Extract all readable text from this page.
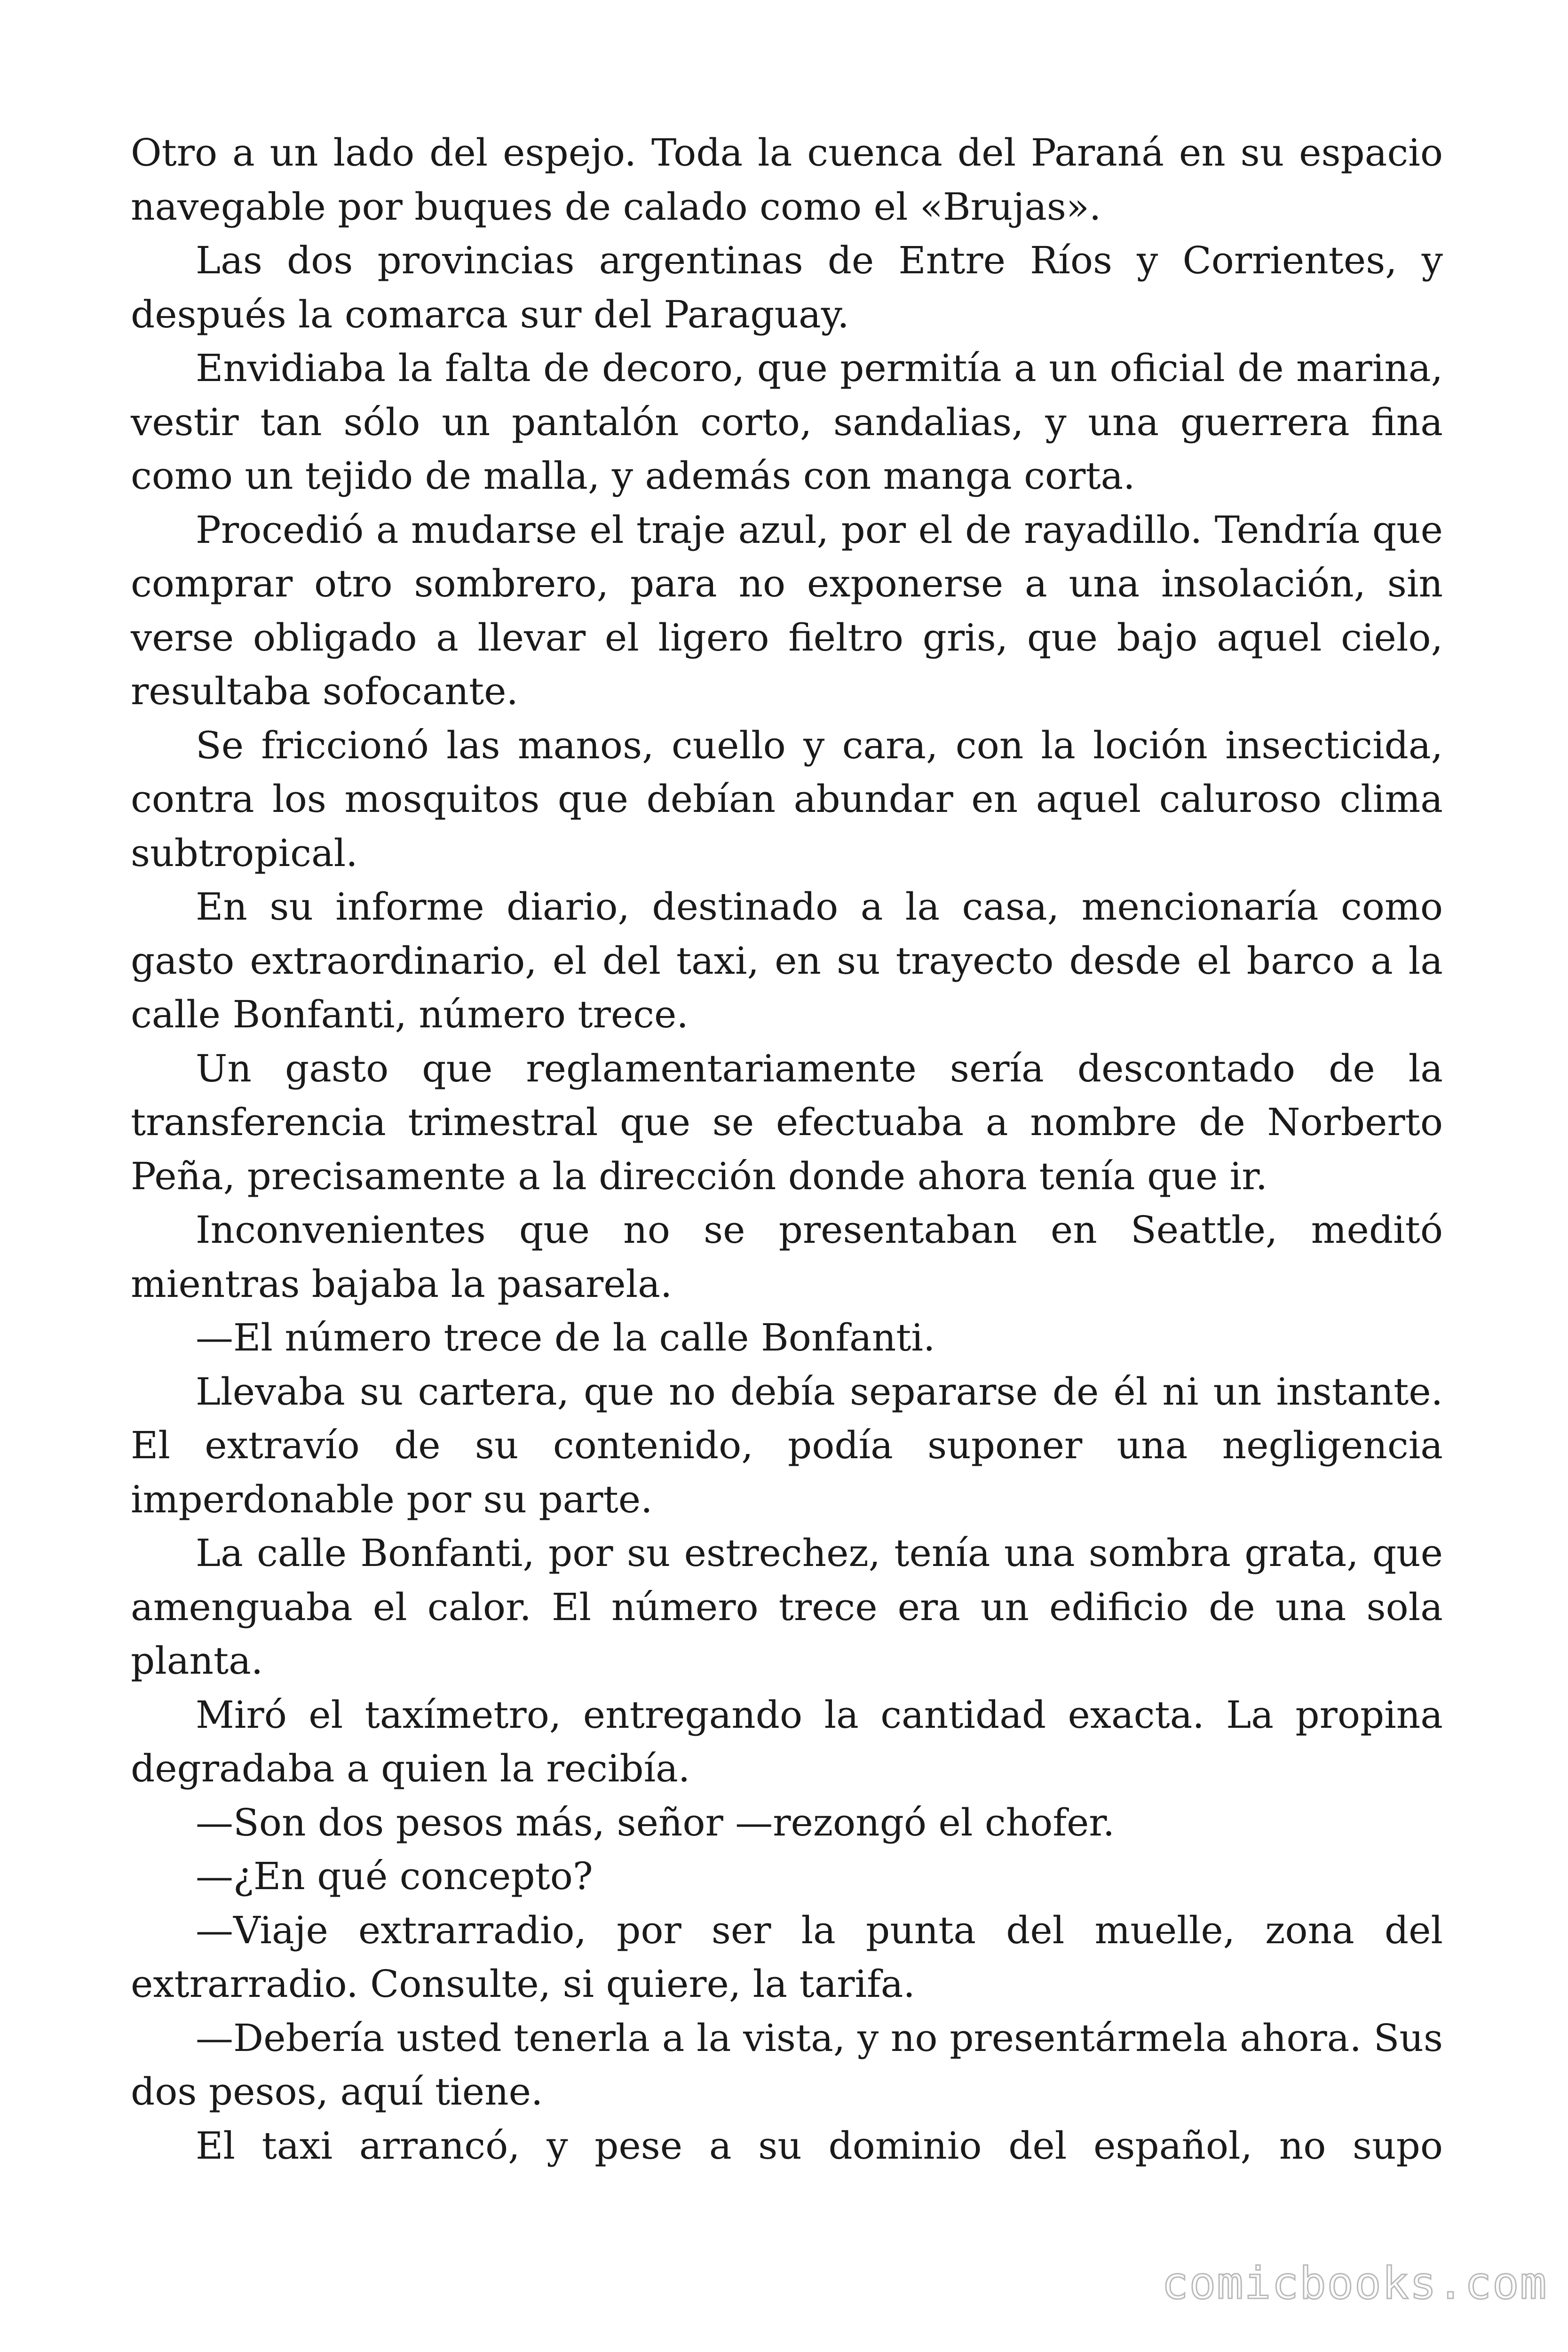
Otro a un lado del espejo. Toda la cuenca del Paraná en su espacio navegable por buques de calado como el «Brujas».

Las dos provincias argentinas de Entre Ríos y Corrientes, y después la comarca sur del Paraguay.

Envidiaba la falta de decoro, que permitía a un oficial de marina, vestir tan sólo un pantalón corto, sandalias, y una guerrera fina como un tejido de malla, y además con manga corta.

Procedió a mudarse el traje azul, por el de rayadillo. Tendría que comprar otro sombrero, para no exponerse a una insolación, sin verse obligado a llevar el ligero fieltro gris, que bajo aquel cielo, resultaba sofocante.

Se friccionó las manos, cuello y cara, con la loción insecticida, contra los mosquitos que debían abundar en aquel caluroso clima subtropical.

En su informe diario, destinado a la casa, mencionaría como gasto extraordinario, el del taxi, en su trayecto desde el barco a la calle Bonfanti, número trece.

Un gasto que reglamentariamente sería descontado de la transferencia trimestral que se efectuaba a nombre de Norberto Peña, precisamente a la dirección donde ahora tenía que ir.

Inconvenientes que no se presentaban en Seattle, meditó mientras bajaba la pasarela.

—El número trece de la calle Bonfanti.

Llevaba su cartera, que no debía separarse de él ni un instante. El extravío de su contenido, podía suponer una negligencia imperdonable por su parte.

La calle Bonfanti, por su estrechez, tenía una sombra grata, que amenguaba el calor. El número trece era un edificio de una sola planta.

Miró el taxímetro, entregando la cantidad exacta. La propina degradaba a quien la recibía.

—Son dos pesos más, señor —rezongó el chofer.

—¿En qué concepto?

—Viaje extrarradio, por ser la punta del muelle, zona del extrarradio. Consulte, si quiere, la tarifa.

—Debería usted tenerla a la vista, y no presentármela ahora. Sus dos pesos, aquí tiene.

El taxi arrancó, y pese a su dominio del español, no supo

comicbooks.com
